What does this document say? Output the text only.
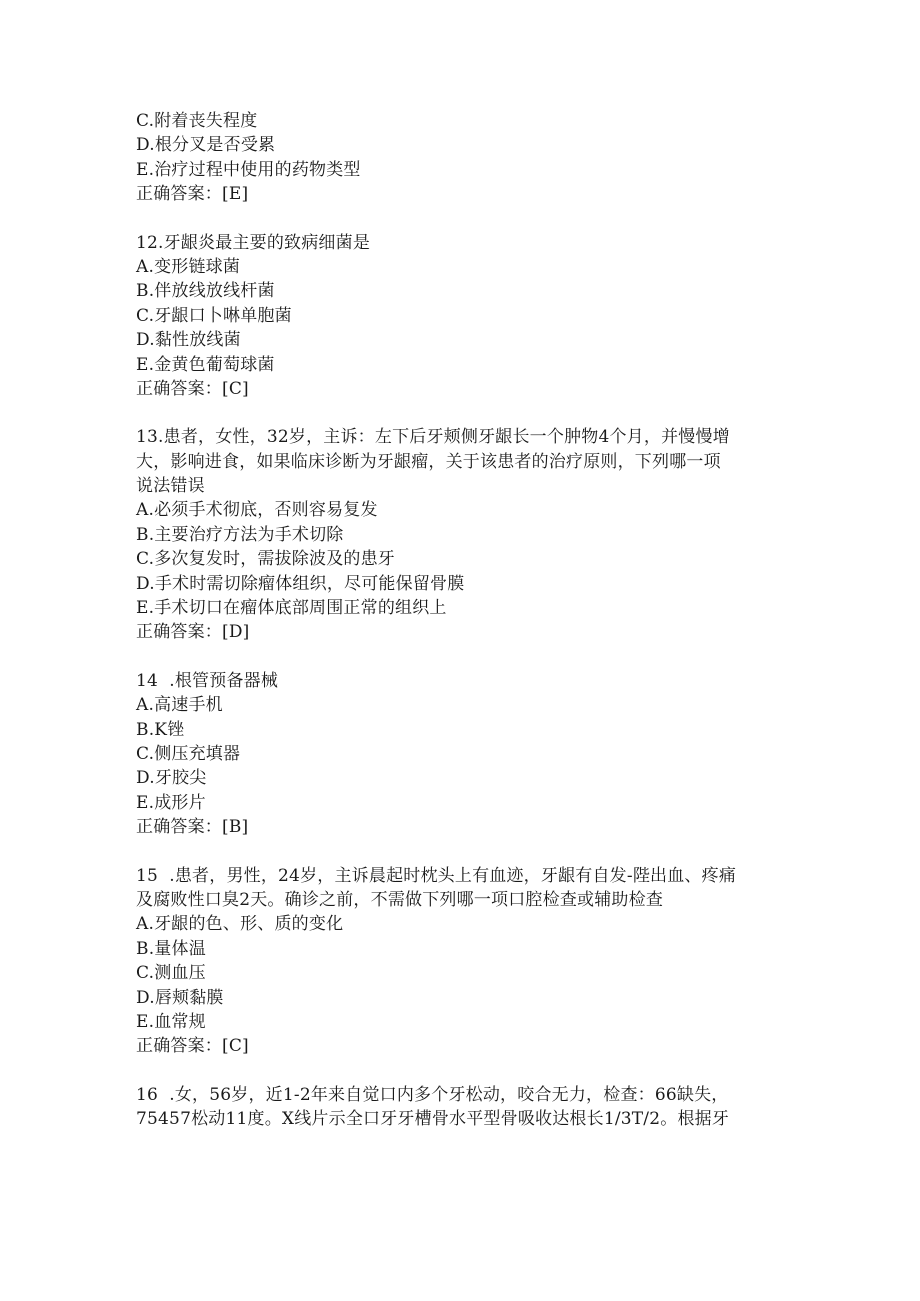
C.附着丧失程度
D.根分叉是否受累
E.治疗过程中使用的药物类型
正确答案：[E]
12.牙龈炎最主要的致病细菌是
A.变形链球菌
B.伴放线放线杆菌
C.牙龈口卜啉单胞菌
D.黏性放线菌
E.金黄色葡萄球菌
正确答案：[C]
13.患者，女性，32岁，主诉：左下后牙颊侧牙龈长一个肿物4个月，并慢慢增
大，影响进食，如果临床诊断为牙龈瘤，关于该患者的治疗原则，下列哪一项
说法错误
A.必须手术彻底，否则容易复发
B.主要治疗方法为手术切除
C.多次复发时，需拔除波及的患牙
D.手术时需切除瘤体组织，尽可能保留骨膜
E.手术切口在瘤体底部周围正常的组织上
正确答案：[D]
14  .根管预备器械
A.高速手机
B.K锉
C.侧压充填器
D.牙胶尖
E.成形片
正确答案：[B]
15  .患者，男性，24岁，主诉晨起时枕头上有血迹，牙龈有自发-陛出血、疼痛
及腐败性口臭2天。确诊之前，不需做下列哪一项口腔检查或辅助检查
A.牙龈的色、形、质的变化
B.量体温
C.测血压
D.唇颊黏膜
E.血常规
正确答案：[C]
16  .女，56岁，近1-2年来自觉口内多个牙松动，咬合无力，检查：66缺失，
75457松动11度。X线片示全口牙牙槽骨水平型骨吸收达根长1/3T/2。根据牙
